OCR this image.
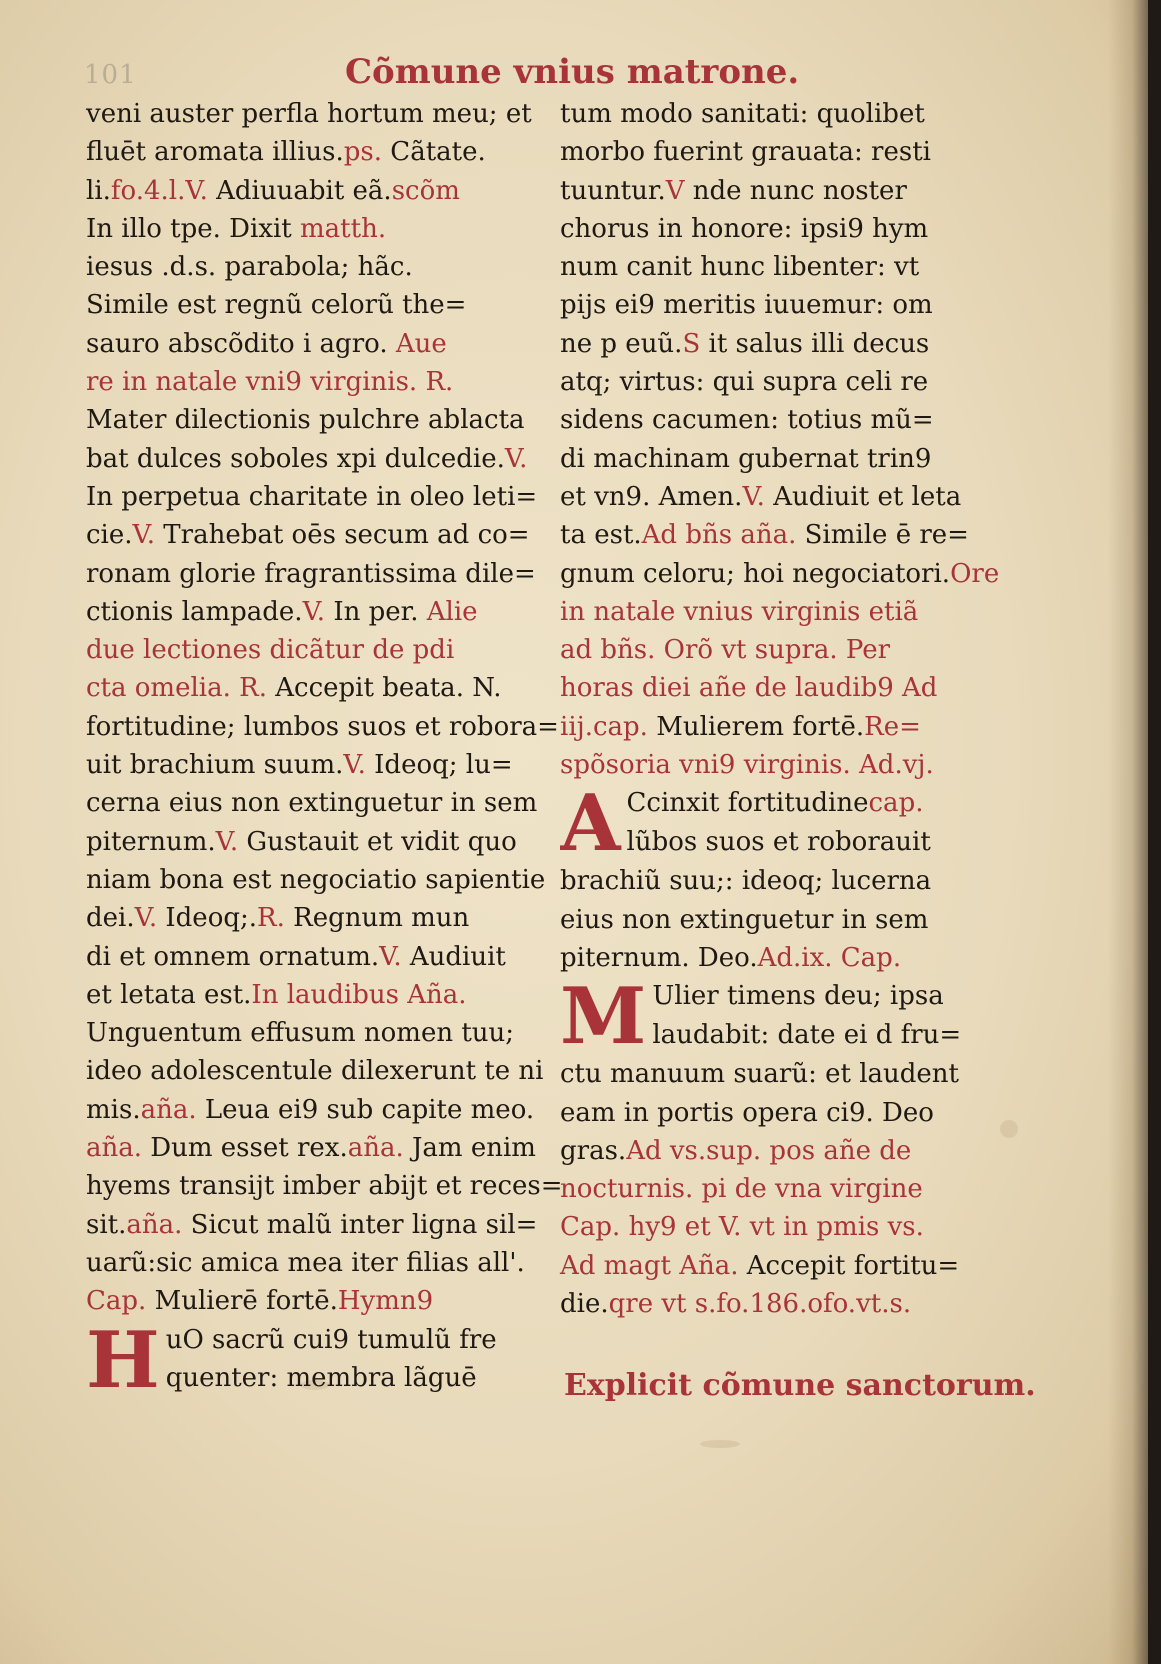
101	Cõmune vnius matrone.
veni auster perfla hortum meu; et
fluēt aromata illius.ps. Cãtate.
li.fo.4.l.V. Adiuuabit eã.scõm
In illo tpe. Dixit matth.
iesus .d.s. parabola; hãc.
Simile est regnũ celorũ the=
sauro abscõdito i agro. Aue
re in natale vni9 virginis. R.
Mater dilectionis pulchre ablacta
bat dulces soboles xpi dulcedie.V.
In perpetua charitate in oleo leti=
cie.V. Trahebat oēs secum ad co=
ronam glorie fragrantissima dile=
ctionis lampade.V. In per. Alie
due lectiones dicãtur de pdi
cta omelia. R. Accepit beata. N.
fortitudine; lumbos suos et robora=
uit brachium suum.V. Ideoq; lu=
cerna eius non extinguetur in sem
piternum.V. Gustauit et vidit quo
niam bona est negociatio sapientie
dei.V. Ideoq;.R. Regnum mun
di et omnem ornatum.V. Audiuit
et letata est.In laudibus Aña.
Unguentum effusum nomen tuu;
ideo adolescentule dilexerunt te ni
mis.aña. Leua ei9 sub capite meo.
aña. Dum esset rex.aña. Jam enim
hyems transijt imber abijt et reces=
sit.aña. Sicut malũ inter ligna sil=
uarũ:sic amica mea iter filias all'.
Cap. Mulierē fortē.Hymn9
H uO sacrũ cui9 tumulũ fre
quenter: membra lãguē
tum modo sanitati: quolibet
morbo fuerint grauata: resti
tuuntur.V nde nunc noster
chorus in honore: ipsi9 hym
num canit hunc libenter: vt
pijs ei9 meritis iuuemur: om
ne p euũ.S it salus illi decus
atq; virtus: qui supra celi re
sidens cacumen: totius mũ=
di machinam gubernat trin9
et vn9. Amen.V. Audiuit et leta
ta est.Ad bñs aña. Simile ē re=
gnum celoru; hoi negociatori.Ore
in natale vnius virginis etiã
ad bñs. Orõ vt supra. Per
horas diei añe de laudib9 Ad
iij.cap. Mulierem fortē.Re=
spõsoria vni9 virginis. Ad.vj.
A Ccinxit fortitudinecap.
lũbos suos et roborauit
brachiũ suu;: ideoq; lucerna
eius non extinguetur in sem
piternum. Deo.Ad.ix. Cap.
M Ulier timens deu; ipsa
laudabit: date ei d fru=
ctu manuum suarũ: et laudent
eam in portis opera ci9. Deo
gras.Ad vs.sup. pos añe de
nocturnis. pi de vna virgine
Cap. hy9 et V. vt in pmis vs.
Ad magt Aña. Accepit fortitu=
die.qre vt s.fo.186.ofo.vt.s.
Explicit cõmune sanctorum.
